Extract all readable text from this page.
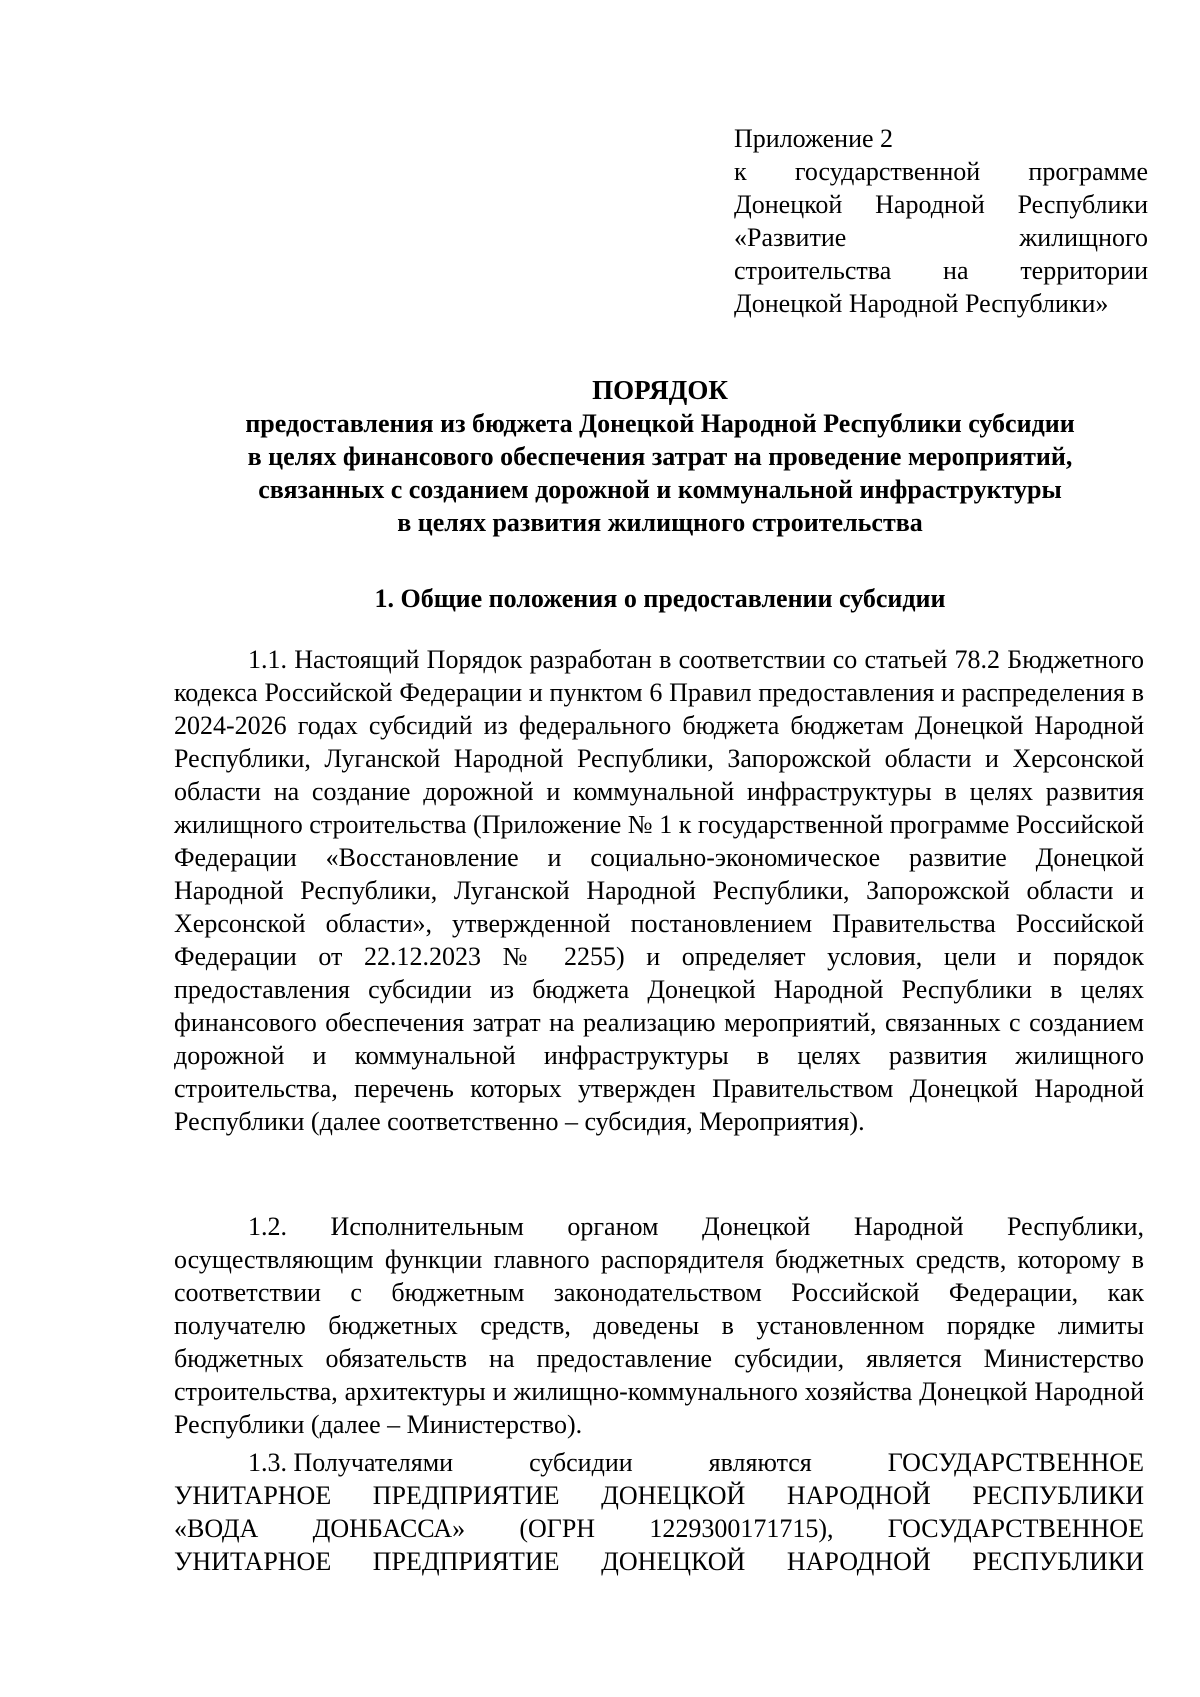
Приложение 2
к государственной программе
Донецкой Народной Республики
«Развитие	жилищного
строительства на территории
Донецкой Народной Республики»
ПОРЯДОК
предоставления из бюджета Донецкой Народной Республики субсидии
в целях финансового обеспечения затрат на проведение мероприятий,
связанных с созданием дорожной и коммунальной инфраструктуры
в целях развития жилищного строительства
1. Общие положения о предоставлении субсидии

1.1. Настоящий Порядок разработан в соответствии со статьей 78.2 Бюджетного кодекса Российской Федерации и пунктом 6 Правил предоставления и распределения в 2024-2026 годах субсидий из федерального бюджета бюджетам Донецкой Народной Республики, Луганской Народной Республики, Запорожской области и Херсонской области на создание дорожной и коммунальной инфраструктуры в целях развития жилищного строительства (Приложение № 1 к государственной программе Российской Федерации «Восстановление и социально-экономическое развитие Донецкой Народной Республики, Луганской Народной Республики, Запорожской области и Херсонской области», утвержденной постановлением Правительства Российской Федерации от 22.12.2023 № 2255) и определяет условия, цели и порядок предоставления субсидии из бюджета Донецкой Народной Республики в целях финансового обеспечения затрат на реализацию мероприятий, связанных с созданием дорожной и коммунальной инфраструктуры в целях развития жилищного строительства, перечень которых утвержден Правительством Донецкой Народной Республики (далее соответственно – субсидия, Мероприятия).

1.2. Исполнительным органом Донецкой Народной Республики, осуществляющим функции главного распорядителя бюджетных средств, которому в соответствии с бюджетным законодательством Российской Федерации, как получателю бюджетных средств, доведены в установленном порядке лимиты бюджетных обязательств на предоставление субсидии, является Министерство строительства, архитектуры и жилищно-коммунального хозяйства Донецкой Народной Республики (далее – Министерство).

1.3. Получателями	субсидии	являются	ГОСУДАРСТВЕННОЕ
УНИТАРНОЕ ПРЕДПРИЯТИЕ ДОНЕЦКОЙ НАРОДНОЙ РЕСПУБЛИКИ
«ВОДА ДОНБАССА» (ОГРН 1229300171715), ГОСУДАРСТВЕННОЕ
УНИТАРНОЕ ПРЕДПРИЯТИЕ ДОНЕЦКОЙ НАРОДНОЙ РЕСПУБЛИКИ
